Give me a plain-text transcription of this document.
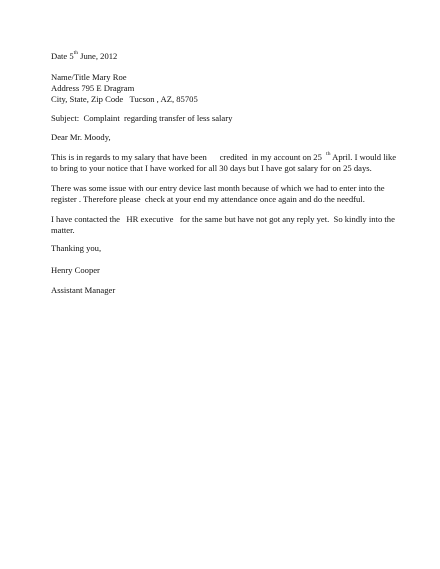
Date 5th June, 2012
Name/Title Mary Roe
Address 795 E Dragram
City, State, Zip Code   Tucson , AZ, 85705
Subject:  Complaint  regarding transfer of less salary
Dear Mr. Moody,
This is in regards to my salary that have been      credited  in my account on 25  $^{th}$ April. I would like
to bring to your notice that I have worked for all 30 days but I have got salary for on 25 days.
There was some issue with our entry device last month because of which we had to enter into the
register . Therefore please  check at your end my attendance once again and do the needful.
I have contacted the   HR executive   for the same but have not got any reply yet.  So kindly into the
matter.
Thanking you,
Henry Cooper
Assistant Manager
